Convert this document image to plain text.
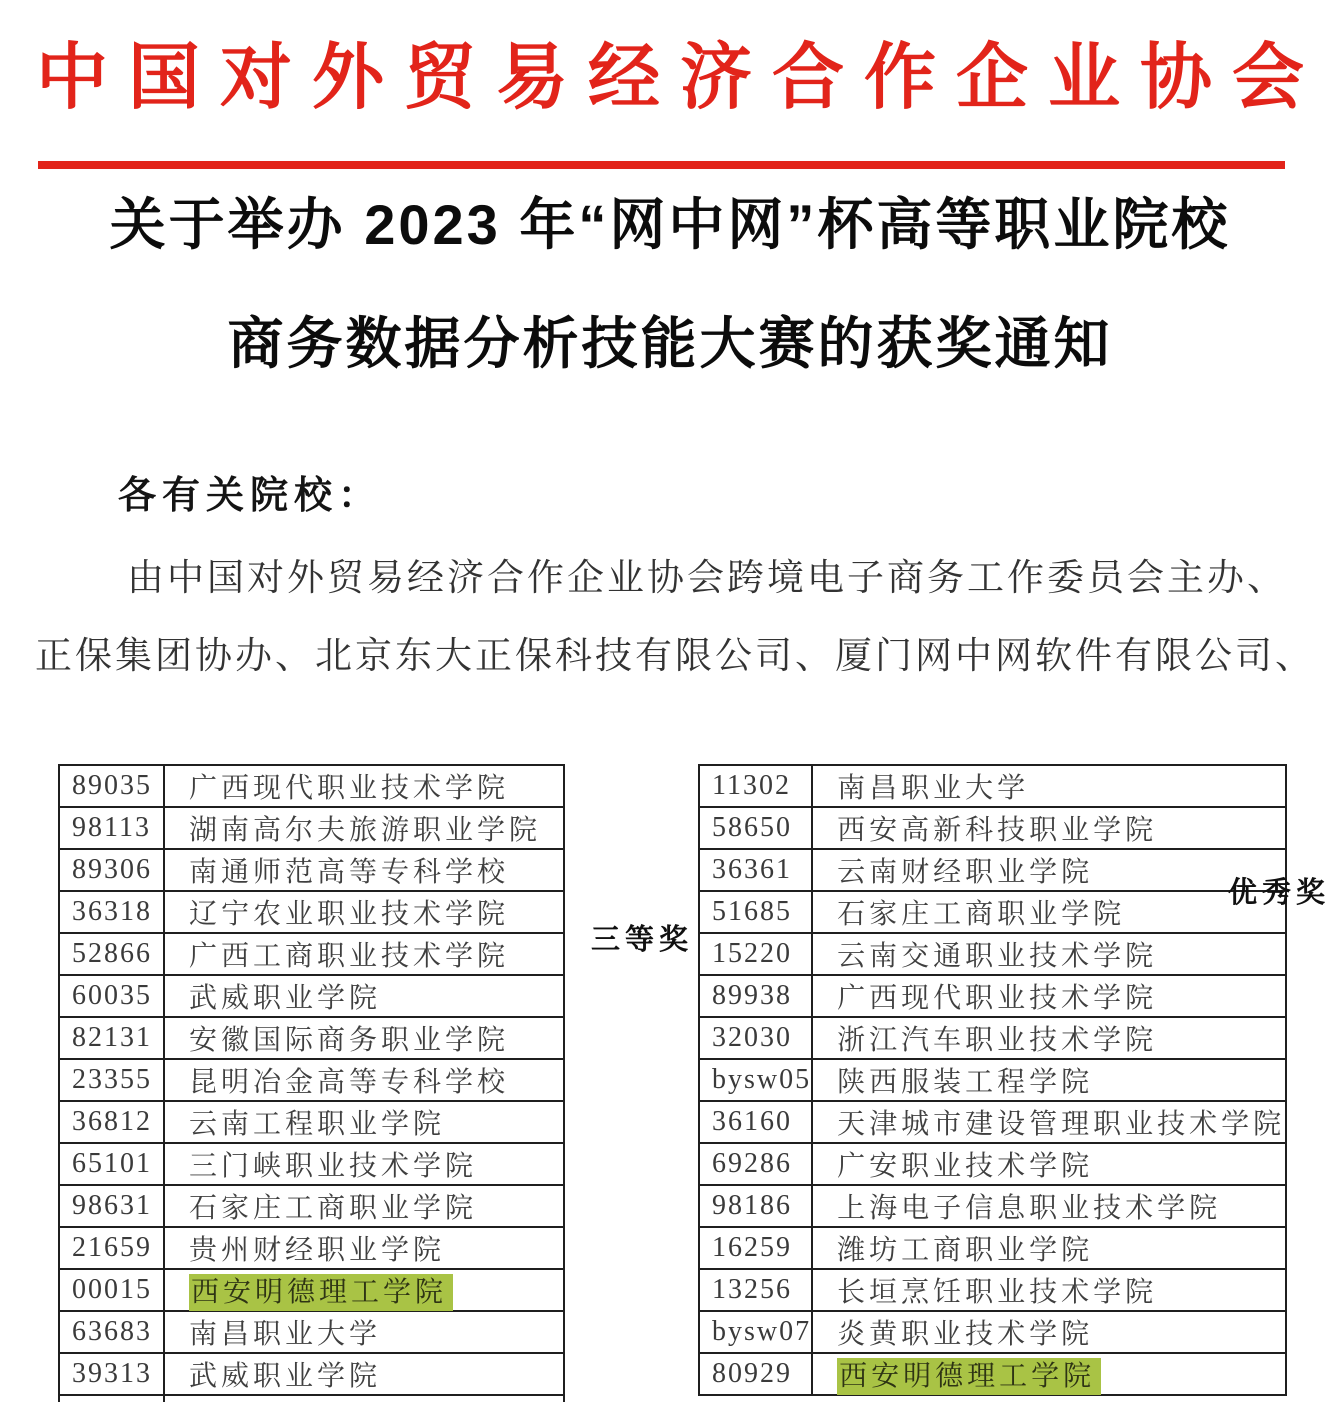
中国对外贸易经济合作企业协会
关于举办 2023 年“网中网”杯高等职业院校
商务数据分析技能大赛的获奖通知
各有关院校：
由中国对外贸易经济合作企业协会跨境电子商务工作委员会主办、
正保集团协办、北京东大正保科技有限公司、厦门网中网软件有限公司、
89035	广西现代职业技术学院
98113	湖南高尔夫旅游职业学院
89306	南通师范高等专科学校
36318	辽宁农业职业技术学院
52866	广西工商职业技术学院
60035	武威职业学院
82131	安徽国际商务职业学院
23355	昆明冶金高等专科学校
36812	云南工程职业学院
65101	三门峡职业技术学院
98631	石家庄工商职业学院
21659	贵州财经职业学院
00015	西安明德理工学院
63683	南昌职业大学
39313	武威职业学院

三等奖
11302	南昌职业大学
58650	西安高新科技职业学院
36361	云南财经职业学院
51685	石家庄工商职业学院
15220	云南交通职业技术学院
89938	广西现代职业技术学院
32030	浙江汽车职业技术学院
bysw05	陕西服装工程学院
36160	天津城市建设管理职业技术学院
69286	广安职业技术学院
98186	上海电子信息职业技术学院
16259	潍坊工商职业学院
13256	长垣烹饪职业技术学院
bysw07	炎黄职业技术学院
80929	西安明德理工学院
优秀奖
